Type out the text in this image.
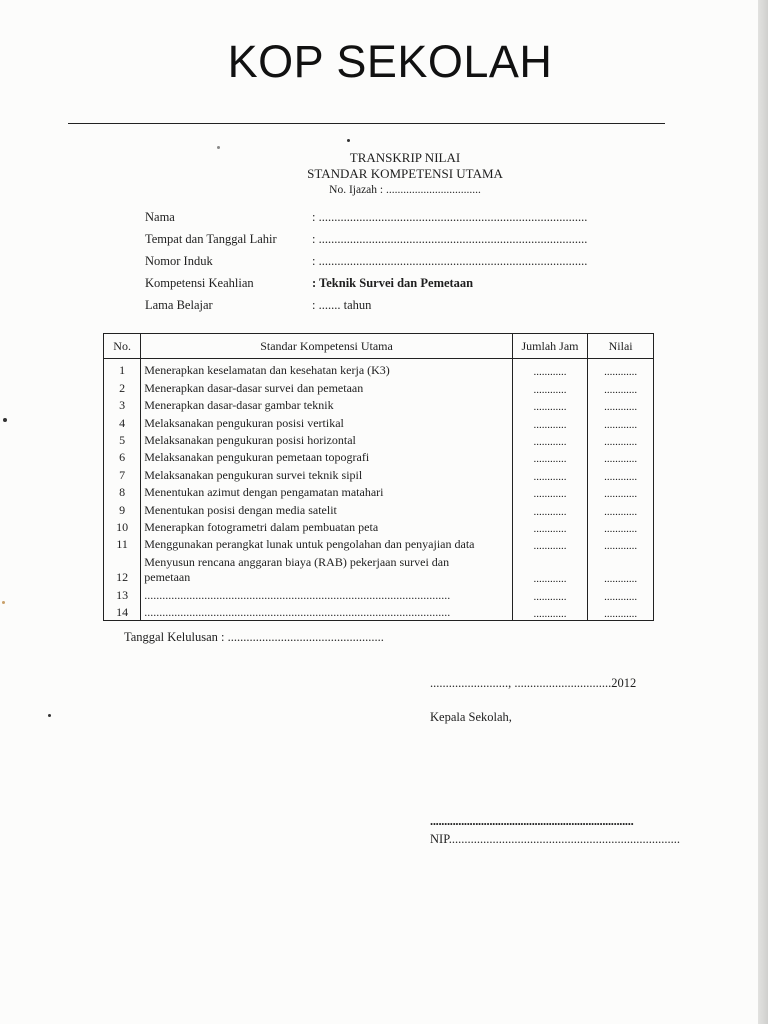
KOP SEKOLAH
TRANSKRIP NILAI
STANDAR KOMPETENSI UTAMA
No. Ijazah : .................................
Nama	: ......................................................................................
Tempat dan Tanggal Lahir	: ......................................................................................
Nomor Induk	: ......................................................................................
Kompetensi Keahlian	: Teknik Survei dan Pemetaan
Lama Belajar	: ....... tahun
No.	Standar Kompetensi Utama	Jumlah Jam	Nilai
1	Menerapkan keselamatan dan kesehatan kerja (K3)	............	............
2	Menerapkan dasar-dasar survei dan pemetaan	............	............
3	Menerapkan dasar-dasar gambar teknik	............	............
4	Melaksanakan pengukuran posisi vertikal	............	............
5	Melaksanakan pengukuran posisi horizontal	............	............
6	Melaksanakan pengukuran pemetaan topografi	............	............
7	Melaksanakan pengukuran survei teknik sipil	............	............
8	Menentukan azimut dengan pengamatan matahari	............	............
9	Menentukan posisi dengan media satelit	............	............
10	Menerapkan fotogrametri dalam pembuatan peta	............	............
11	Menggunakan perangkat lunak untuk pengolahan dan penyajian data	............	............
12	Menyusun rencana anggaran biaya (RAB) pekerjaan survei dan
pemetaan	............	............
13	......................................................................................................	............	............
14	......................................................................................................	............	............
Tanggal Kelulusan : ..................................................
........................., ...............................2012
Kepala Sekolah,
........................................................................
NIP..........................................................................
